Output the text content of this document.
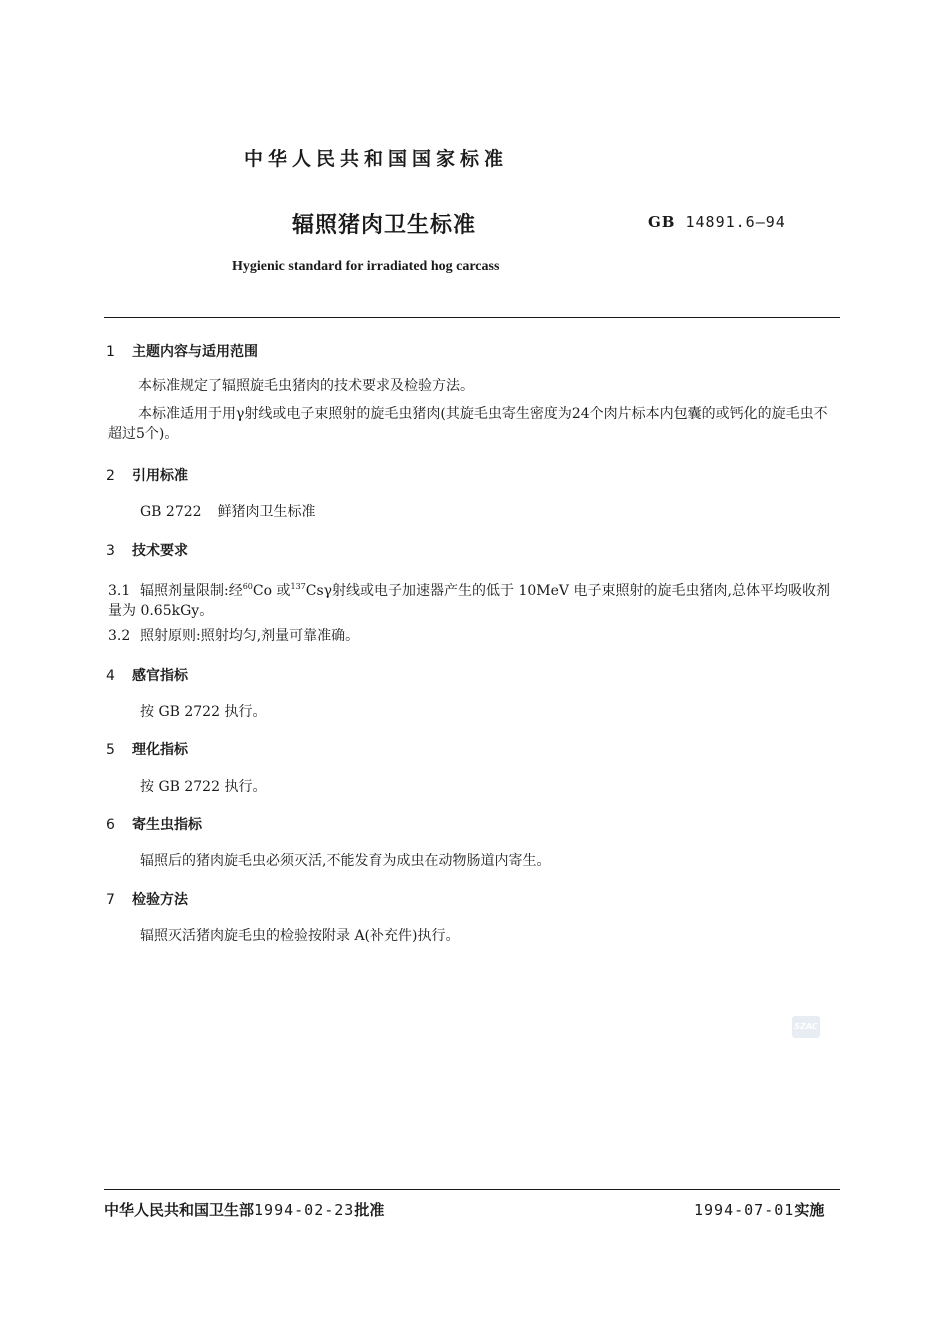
中华人民共和国国家标准
辐照猪肉卫生标准	GB 14891.6—94
Hygienic standard for irradiated hog carcass
1 主题内容与适用范围
本标准规定了辐照旋毛虫猪肉的技术要求及检验方法。
本标准适用于用γ射线或电子束照射的旋毛虫猪肉(其旋毛虫寄生密度为24个肉片标本内包囊的或钙化的旋毛虫不超过5个)。
2 引用标准
GB 2722 鲜猪肉卫生标准
3 技术要求
3.1 辐照剂量限制:经$^{60}$Co 或$^{137}$Csγ射线或电子加速器产生的低于 10MeV 电子束照射的旋毛虫猪肉,总体平均吸收剂量为 0.65kGy。
3.2 照射原则:照射均匀,剂量可靠准确。
4 感官指标
按 GB 2722 执行。
5 理化指标
按 GB 2722 执行。
6 寄生虫指标
辐照后的猪肉旋毛虫必须灭活,不能发育为成虫在动物肠道内寄生。
7 检验方法
辐照灭活猪肉旋毛虫的检验按附录 A(补充件)执行。
SZAC
中华人民共和国卫生部1994-02-23批准	1994-07-01实施
